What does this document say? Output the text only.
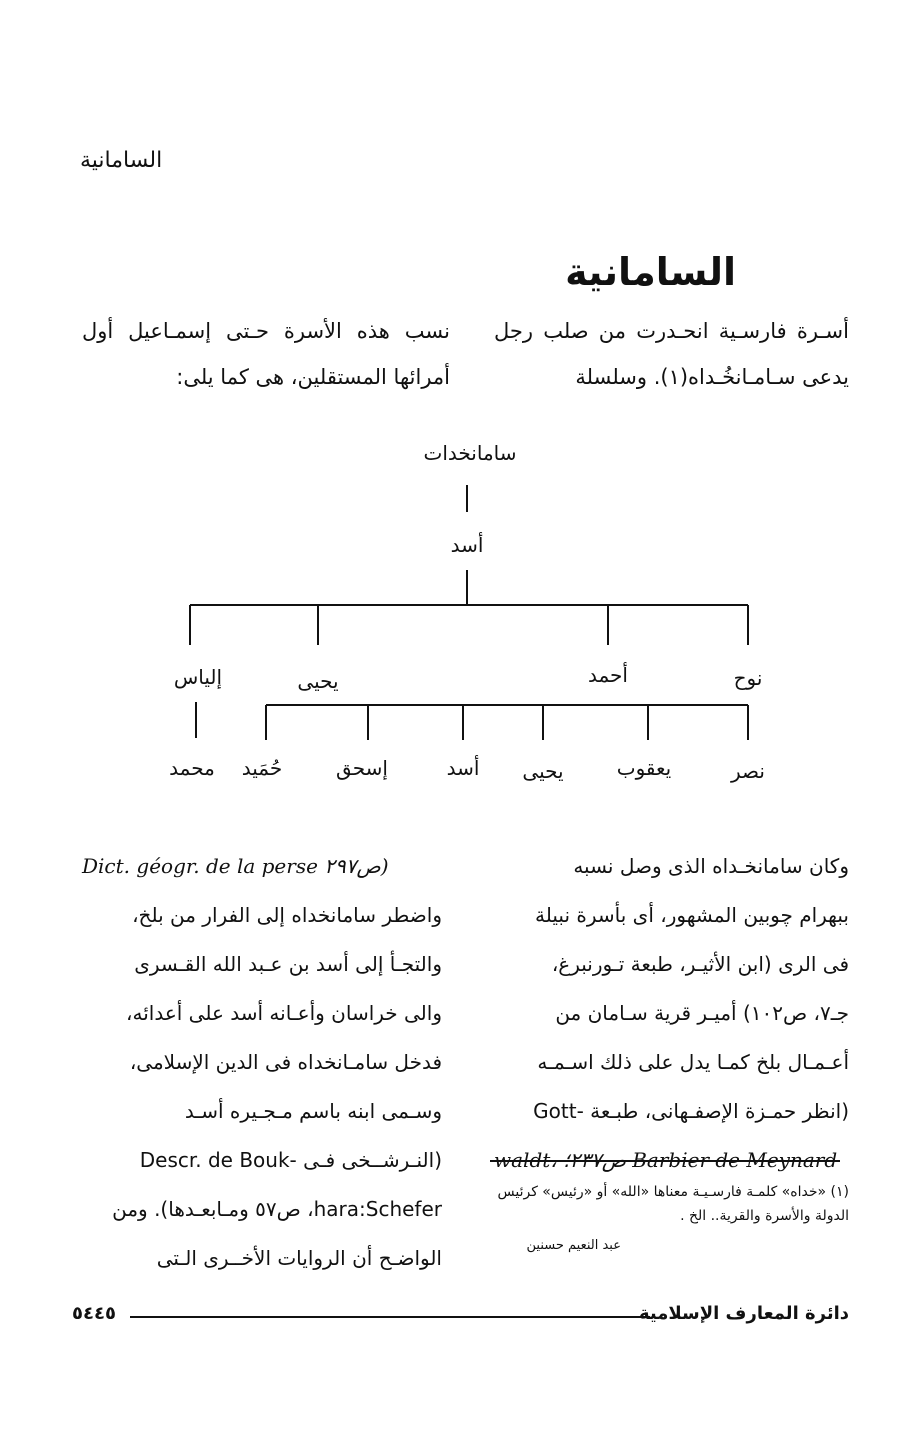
السامانية
السامانية
أسـرة فارسـية انحـدرت من صلب رجل يدعى سـامـانخُـداه(١). وسلسلة
نسب هذه الأسرة حـتى إسمـاعيل أول أمرائها المستقلين، هى كما يلى:
سامانخدات
أسد
نوح
أحمد
يحيى
إلياس
نصر
يعقوب
يحيى
أسد
إسحق
حُمَيد
محمد
وكان سامانخـداه الذى وصل نسبه
ببهرام چوبين المشهور، أى بأسرة نبيلة
فى الرى (ابن الأثيـر، طبعة تـورنبرغ،
جـ٧، ص١٠٢) أميـر قرية سـامان من
أعـمـال بلخ كمـا يدل على ذلك اسـمـه
(انظر حمـزة الإصفـهانى، طبـعة -Gott
waldt، ص٢٣٧؛ Barbier de Meynard
Dict. géogr. de la perse ص٢٩٧)
واضطر سامانخداه إلى الفرار من بلخ،
والتجـأ إلى أسد بن عـبد الله القـسرى
والى خراسان وأعـانه أسد على أعدائه،
فدخل سامـانخداه فى الدين الإسلامى،
وسـمى ابنه باسم مـجـيره أسـد
(النـرشــخى فـى -Descr. de Bouk
hara:Schefer، ص٥٧ ومـابعـدها). ومن
الواضـح أن الروايات الأخــرى الـتى
(١) «خداه» كلمـة فارسـيـة معناها «الله» أو «رئيس» كرئيس الدولة والأسرة والقرية.. الخ .
عبد النعيم حسنين
دائرة المعارف الإسلامية
٥٤٤٥
